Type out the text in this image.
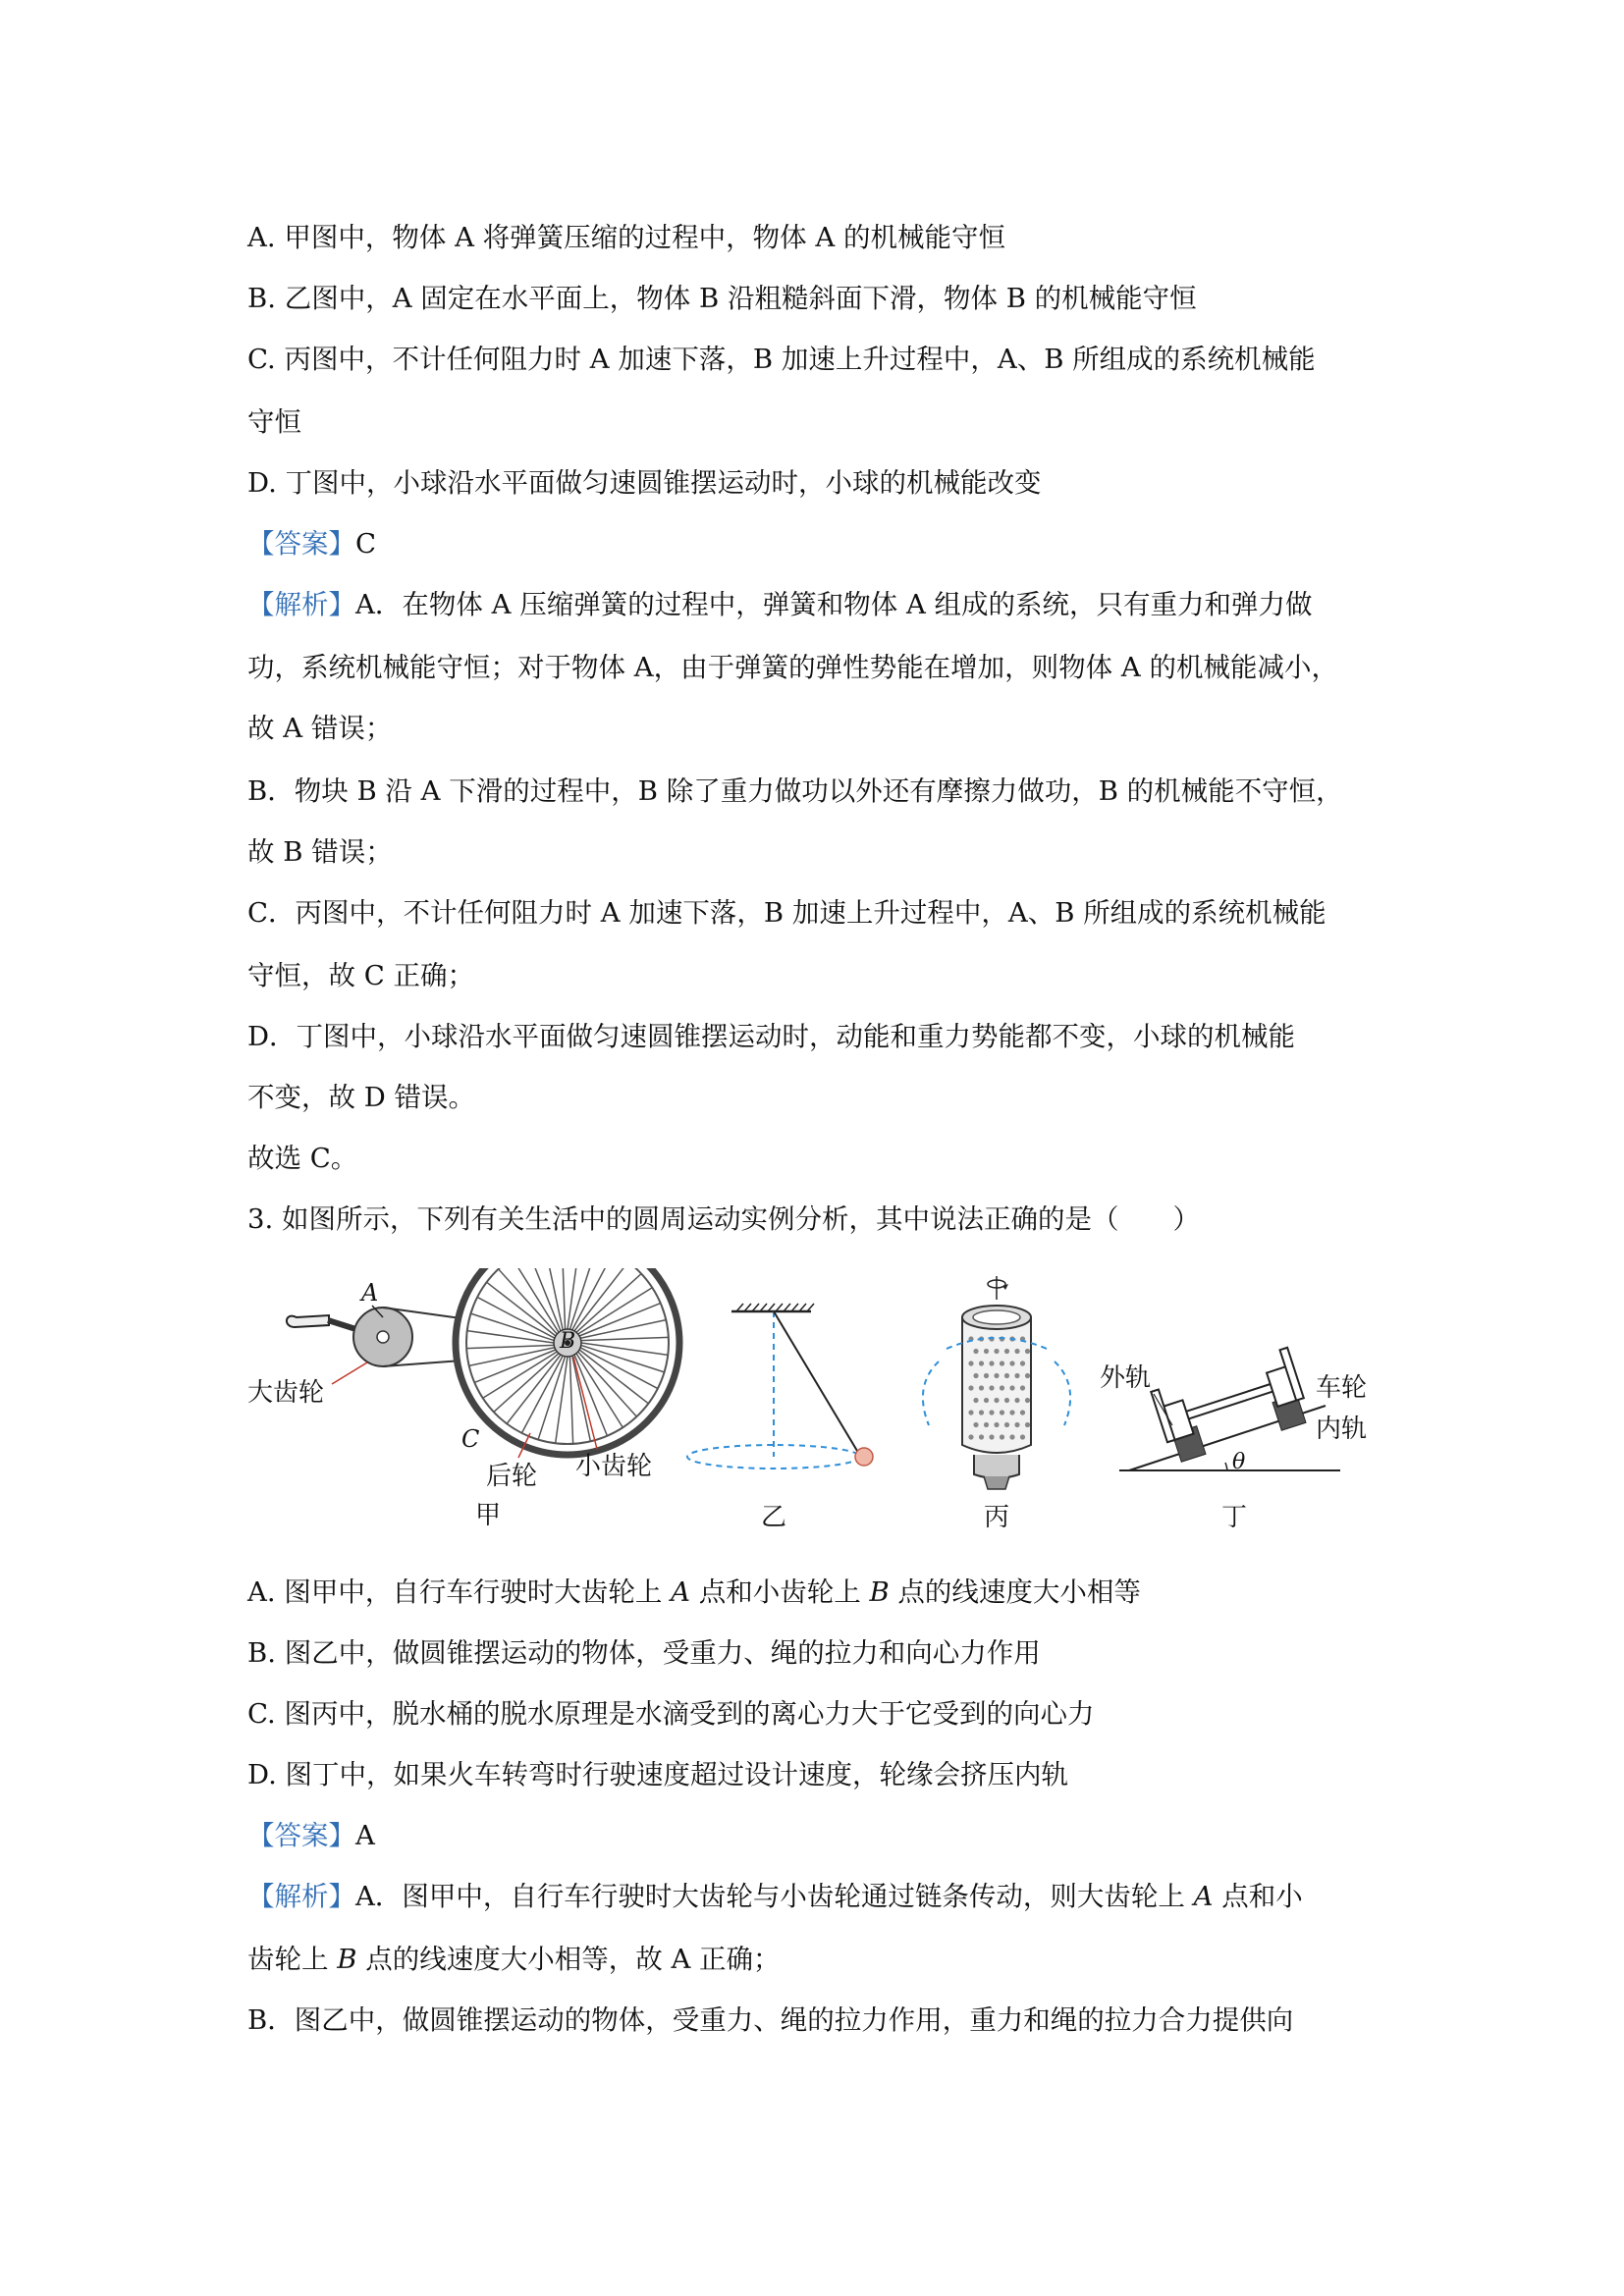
A. 甲图中，物体 A 将弹簧压缩的过程中，物体 A 的机械能守恒
B. 乙图中，A 固定在水平面上，物体 B 沿粗糙斜面下滑，物体 B 的机械能守恒
C. 丙图中，不计任何阻力时 A 加速下落，B 加速上升过程中，A、B 所组成的系统机械能
守恒
D. 丁图中，小球沿水平面做匀速圆锥摆运动时，小球的机械能改变
【答案】C
【解析】A．在物体 A 压缩弹簧的过程中，弹簧和物体 A 组成的系统，只有重力和弹力做
功，系统机械能守恒；对于物体 A，由于弹簧的弹性势能在增加，则物体 A 的机械能减小，
故 A 错误；
B．物块 B 沿 A 下滑的过程中，B 除了重力做功以外还有摩擦力做功，B 的机械能不守恒，
故 B 错误；
C．丙图中，不计任何阻力时 A 加速下落，B 加速上升过程中，A、B 所组成的系统机械能
守恒，故 C 正确；
D．丁图中，小球沿水平面做匀速圆锥摆运动时，动能和重力势能都不变，小球的机械能
不变，故 D 错误。
故选 C。
3. 如图所示，下列有关生活中的圆周运动实例分析，其中说法正确的是（　　）
A
B
C
大齿轮
小齿轮
后轮
甲	乙	丙
θ
外轨	车轮
内轨
丁
A. 图甲中，自行车行驶时大齿轮上 A 点和小齿轮上 B 点的线速度大小相等
B. 图乙中，做圆锥摆运动的物体，受重力、绳的拉力和向心力作用
C. 图丙中，脱水桶的脱水原理是水滴受到的离心力大于它受到的向心力
D. 图丁中，如果火车转弯时行驶速度超过设计速度，轮缘会挤压内轨
【答案】A
【解析】A．图甲中，自行车行驶时大齿轮与小齿轮通过链条传动，则大齿轮上 A 点和小
齿轮上 B 点的线速度大小相等，故 A 正确；
B．图乙中，做圆锥摆运动的物体，受重力、绳的拉力作用，重力和绳的拉力合力提供向
